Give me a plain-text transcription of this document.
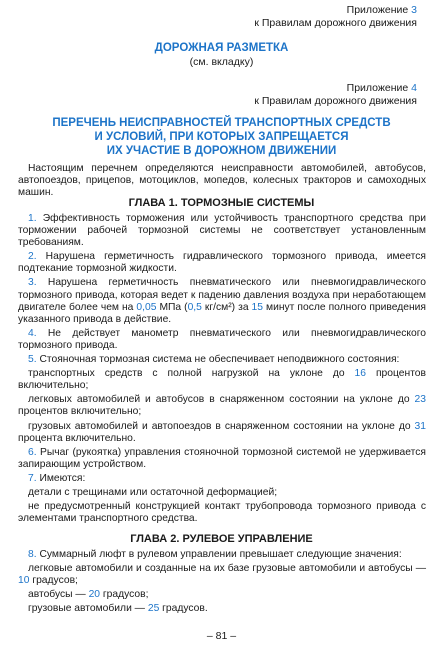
Приложение 3
к Правилам дорожного движения
ДОРОЖНАЯ РАЗМЕТКА
(см. вкладку)
Приложение 4
к Правилам дорожного движения
ПЕРЕЧЕНЬ НЕИСПРАВНОСТЕЙ ТРАНСПОРТНЫХ СРЕДСТВ
И УСЛОВИЙ, ПРИ КОТОРЫХ ЗАПРЕЩАЕТСЯ
ИХ УЧАСТИЕ В ДОРОЖНОМ ДВИЖЕНИИ

Настоящим перечнем определяются неисправности автомобилей, автобусов, автопоездов, прицепов, мотоциклов, мопедов, колесных тракторов и самоходных машин.

ГЛАВА 1. ТОРМОЗНЫЕ СИСТЕМЫ

1. Эффективность торможения или устойчивость транспортного средства при торможении рабочей тормозной системы не соответствует установленным требованиям.

2. Нарушена герметичность гидравлического тормозного привода, имеется подтекание тормозной жидкости.

3. Нарушена герметичность пневматического или пневмогидравлического тормозного привода, которая ведет к падению давления воздуха при неработающем двигателе более чем на 0,05 МПа (0,5 кг/см²) за 15 минут после полного приведения указанного привода в действие.

4. Не действует манометр пневматического или пневмогидравлического тормозного привода.

5. Стояночная тормозная система не обеспечивает неподвижного состояния:

транспортных средств с полной нагрузкой на уклоне до 16 процентов включительно;

легковых автомобилей и автобусов в снаряженном состоянии на уклоне до 23 процентов включительно;

грузовых автомобилей и автопоездов в снаряженном состоянии на уклоне до 31 процента включительно.

6. Рычаг (рукоятка) управления стояночной тормозной системой не удерживается запирающим устройством.

7. Имеются:

детали с трещинами или остаточной деформацией;

не предусмотренный конструкцией контакт трубопровода тормозного привода с элементами транспортного средства.

ГЛАВА 2. РУЛЕВОЕ УПРАВЛЕНИЕ

8. Суммарный люфт в рулевом управлении превышает следующие значения:

легковые автомобили и созданные на их базе грузовые автомобили и автобусы — 10 градусов;

автобусы — 20 градусов;

грузовые автомобили — 25 градусов.

– 81 –
